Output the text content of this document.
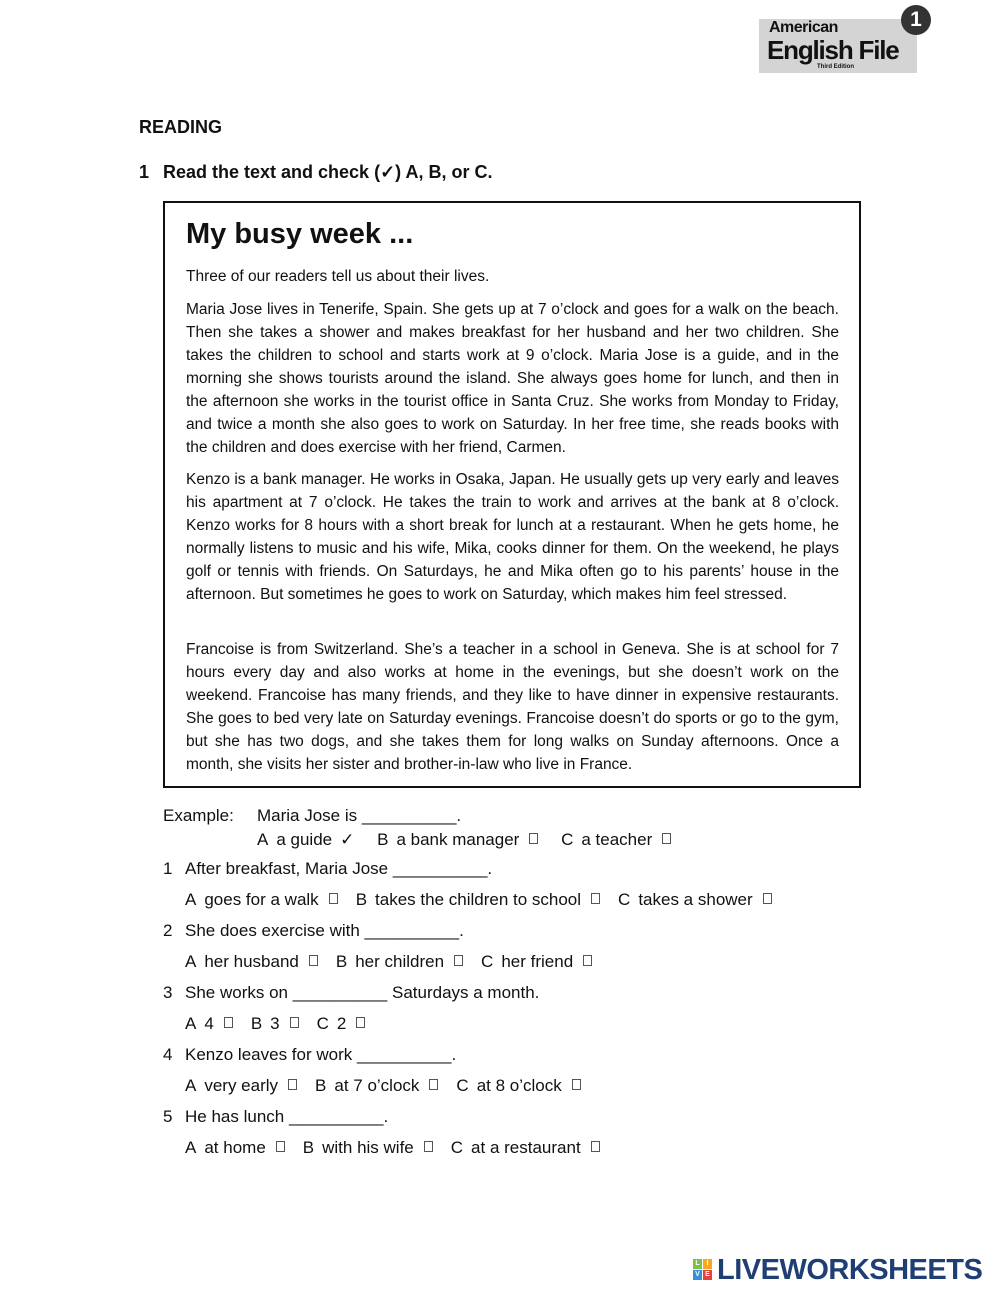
American
English File
Third Edition
1
READING
1 Read the text and check (✓) A, B, or C.
My busy week ...
Three of our readers tell us about their lives.

Maria Jose lives in Tenerife, Spain. She gets up at 7 o’clock and goes for a walk on the beach. Then she takes a shower and makes breakfast for her husband and her two children. She takes the children to school and starts work at 9 o’clock. Maria Jose is a guide, and in the morning she shows tourists around the island. She always goes home for lunch, and then in the afternoon she works in the tourist office in Santa Cruz. She works from Monday to Friday, and twice a month she also goes to work on Saturday. In her free time, she reads books with the children and does exercise with her friend, Carmen.

Kenzo is a bank manager. He works in Osaka, Japan. He usually gets up very early and leaves his apartment at 7 o’clock. He takes the train to work and arrives at the bank at 8 o’clock. Kenzo works for 8 hours with a short break for lunch at a restaurant. When he gets home, he normally listens to music and his wife, Mika, cooks dinner for them. On the weekend, he plays golf or tennis with friends. On Saturdays, he and Mika often go to his parents’ house in the afternoon. But sometimes he goes to work on Saturday, which makes him feel stressed.

Francoise is from Switzerland. She’s a teacher in a school in Geneva. She is at school for 7 hours every day and also works at home in the evenings, but she doesn’t work on the weekend. Francoise has many friends, and they like to have dinner in expensive restaurants. She goes to bed very late on Saturday evenings. Francoise doesn’t do sports or go to the gym, but she has two dogs, and she takes them for long walks on Sunday afternoons. Once a month, she visits her sister and brother-in-law who live in France.

Example: Maria Jose is __________.
A a guide ✓ B a bank manager C a teacher
1 After breakfast, Maria Jose __________.
A goes for a walk B takes the children to school C takes a shower
2 She does exercise with __________.
A her husband B her children C her friend
3 She works on __________ Saturdays a month.
A 4 B 3 C 2
4 Kenzo leaves for work __________.
A very early B at 7 o’clock C at 8 o’clock
5 He has lunch __________.
A at home B with his wife C at a restaurant
L I
V E LIVEWORKSHEETS
